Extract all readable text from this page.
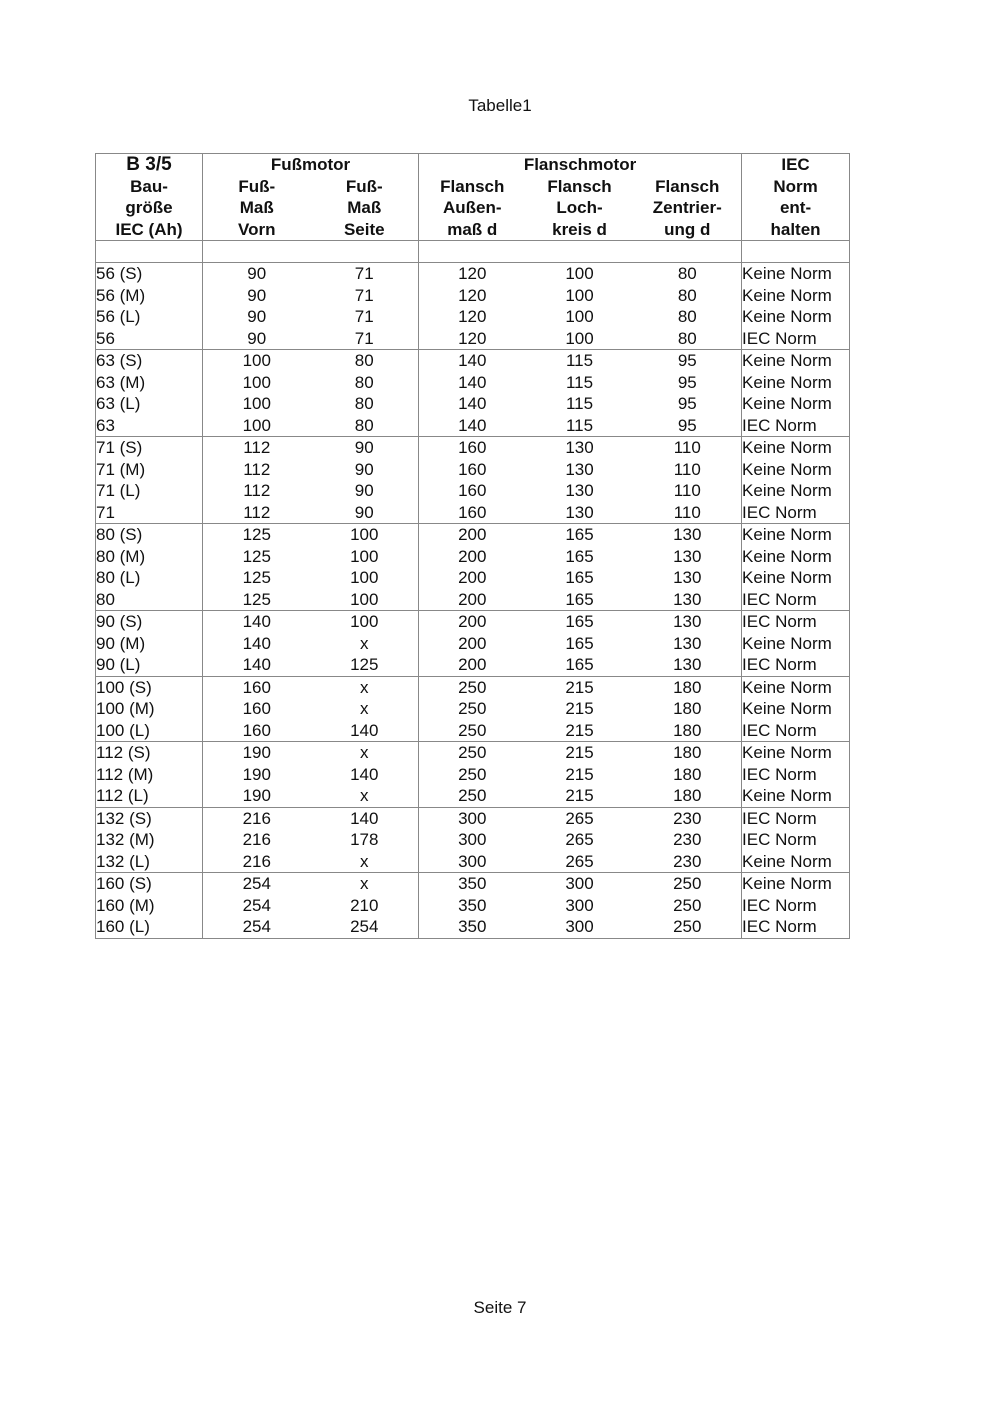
Tabelle1
B 3/5	Fußmotor		Flanschmotor			IEC
Bau-	Fuß-	Fuß-	Flansch	Flansch	Flansch	Norm
größe	Maß	Maß	Außen-	Loch-	Zentrier-	ent-
IEC (Ah)	Vorn	Seite	maß d	kreis d	ung d	halten

56 (S)	90	71	120	100	80	Keine Norm
56 (M)	90	71	120	100	80	Keine Norm
56 (L)	90	71	120	100	80	Keine Norm
56	90	71	120	100	80	IEC Norm
63 (S)	100	80	140	115	95	Keine Norm
63 (M)	100	80	140	115	95	Keine Norm
63 (L)	100	80	140	115	95	Keine Norm
63	100	80	140	115	95	IEC Norm
71 (S)	112	90	160	130	110	Keine Norm
71 (M)	112	90	160	130	110	Keine Norm
71 (L)	112	90	160	130	110	Keine Norm
71	112	90	160	130	110	IEC Norm
80 (S)	125	100	200	165	130	Keine Norm
80 (M)	125	100	200	165	130	Keine Norm
80 (L)	125	100	200	165	130	Keine Norm
80	125	100	200	165	130	IEC Norm
90 (S)	140	100	200	165	130	IEC Norm
90 (M)	140	x	200	165	130	Keine Norm
90 (L)	140	125	200	165	130	IEC Norm
100 (S)	160	x	250	215	180	Keine Norm
100 (M)	160	x	250	215	180	Keine Norm
100 (L)	160	140	250	215	180	IEC Norm
112 (S)	190	x	250	215	180	Keine Norm
112 (M)	190	140	250	215	180	IEC Norm
112 (L)	190	x	250	215	180	Keine Norm
132 (S)	216	140	300	265	230	IEC Norm
132 (M)	216	178	300	265	230	IEC Norm
132 (L)	216	x	300	265	230	Keine Norm
160 (S)	254	x	350	300	250	Keine Norm
160 (M)	254	210	350	300	250	IEC Norm
160 (L)	254	254	350	300	250	IEC Norm
Seite 7
